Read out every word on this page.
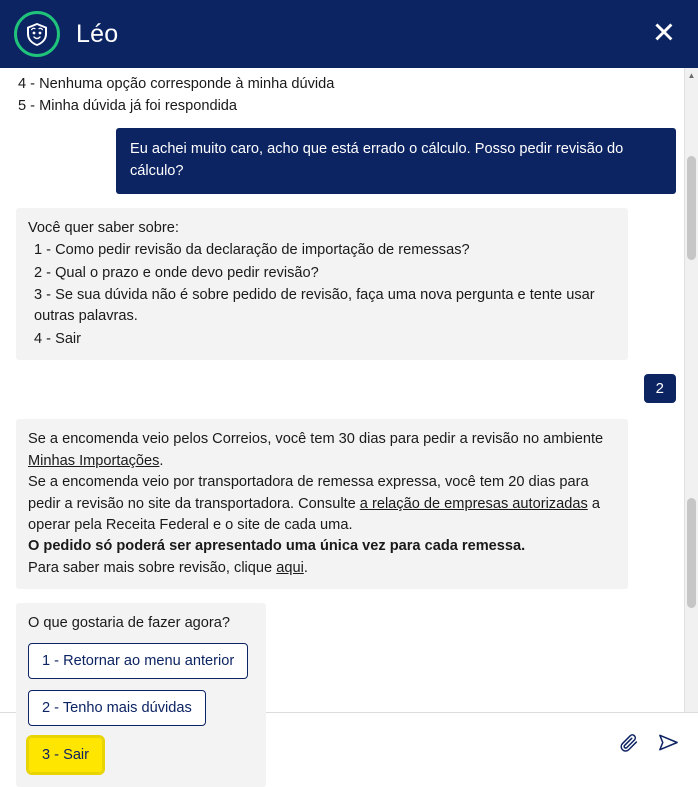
Léo	✕
4 - Nenhuma opção corresponde à minha dúvida
5 - Minha dúvida já foi respondida
Eu achei muito caro, acho que está errado o cálculo. Posso pedir revisão do cálculo?
Você quer saber sobre:
1 - Como pedir revisão da declaração de importação de remessas?
2 - Qual o prazo e onde devo pedir revisão?
3 - Se sua dúvida não é sobre pedido de revisão, faça uma nova pergunta e tente usar outras palavras.
4 - Sair
2
Se a encomenda veio pelos Correios, você tem 30 dias para pedir a revisão no ambiente Minhas Importações.
Se a encomenda veio por transportadora de remessa expressa, você tem 20 dias para pedir a revisão no site da transportadora. Consulte a relação de empresas autorizadas a operar pela Receita Federal e o site de cada uma.
O pedido só poderá ser apresentado uma única vez para cada remessa.
Para saber mais sobre revisão, clique aqui.
O que gostaria de fazer agora?
1 - Retornar ao menu anterior
2 - Tenho mais dúvidas
3 - Sair
▲
Escreva uma mensagem
